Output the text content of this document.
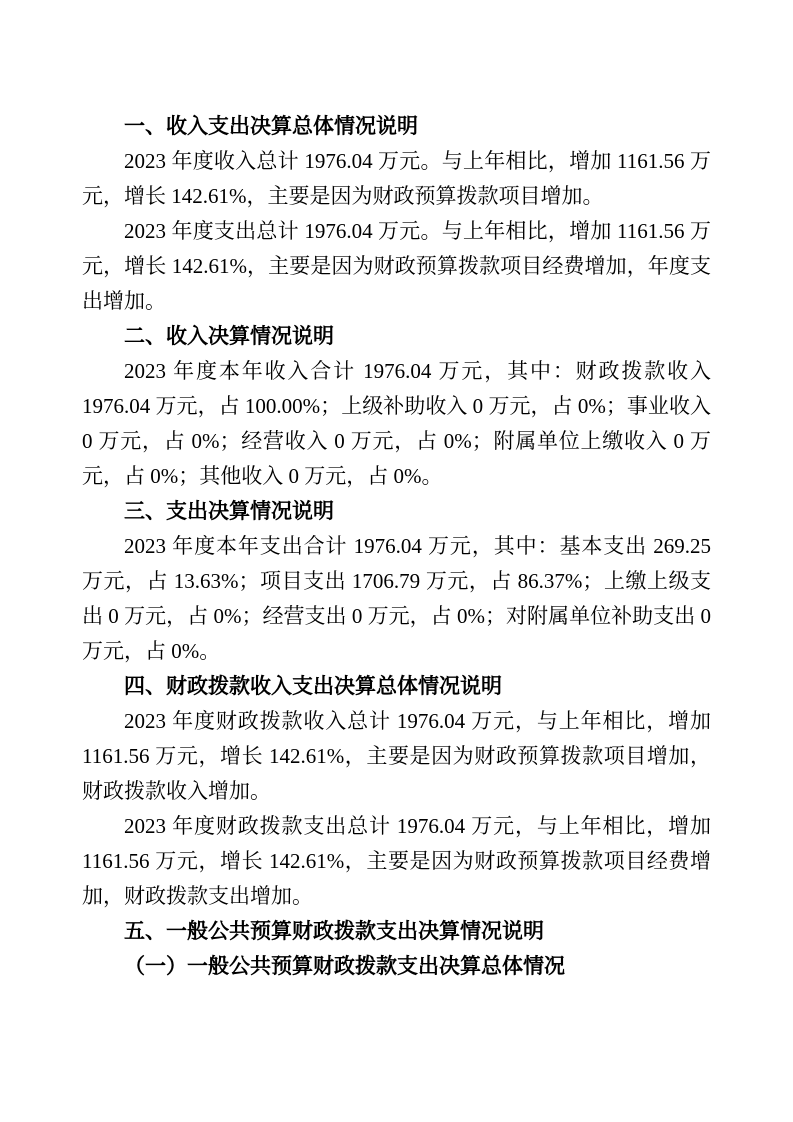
一、收入支出决算总体情况说明

2023 年度收入总计 1976.04 万元。与上年相比，增加 1161.56 万元，增长 142.61%，主要是因为财政预算拨款项目增加。

2023 年度支出总计 1976.04 万元。与上年相比，增加 1161.56 万元，增长 142.61%，主要是因为财政预算拨款项目经费增加，年度支出增加。

二、收入决算情况说明

2023 年度本年收入合计 1976.04 万元，其中：财政拨款收入 1976.04 万元，占 100.00%；上级补助收入 0 万元，占 0%；事业收入 0 万元，占 0%；经营收入 0 万元，占 0%；附属单位上缴收入 0 万元，占 0%；其他收入 0 万元，占 0%。

三、支出决算情况说明

2023 年度本年支出合计 1976.04 万元，其中：基本支出 269.25 万元，占 13.63%；项目支出 1706.79 万元，占 86.37%；上缴上级支出 0 万元，占 0%；经营支出 0 万元，占 0%；对附属单位补助支出 0 万元，占 0%。

四、财政拨款收入支出决算总体情况说明

2023 年度财政拨款收入总计 1976.04 万元，与上年相比，增加 1161.56 万元，增长 142.61%，主要是因为财政预算拨款项目增加，财政拨款收入增加。

2023 年度财政拨款支出总计 1976.04 万元，与上年相比，增加 1161.56 万元，增长 142.61%，主要是因为财政预算拨款项目经费增加，财政拨款支出增加。

五、一般公共预算财政拨款支出决算情况说明
（一）一般公共预算财政拨款支出决算总体情况
